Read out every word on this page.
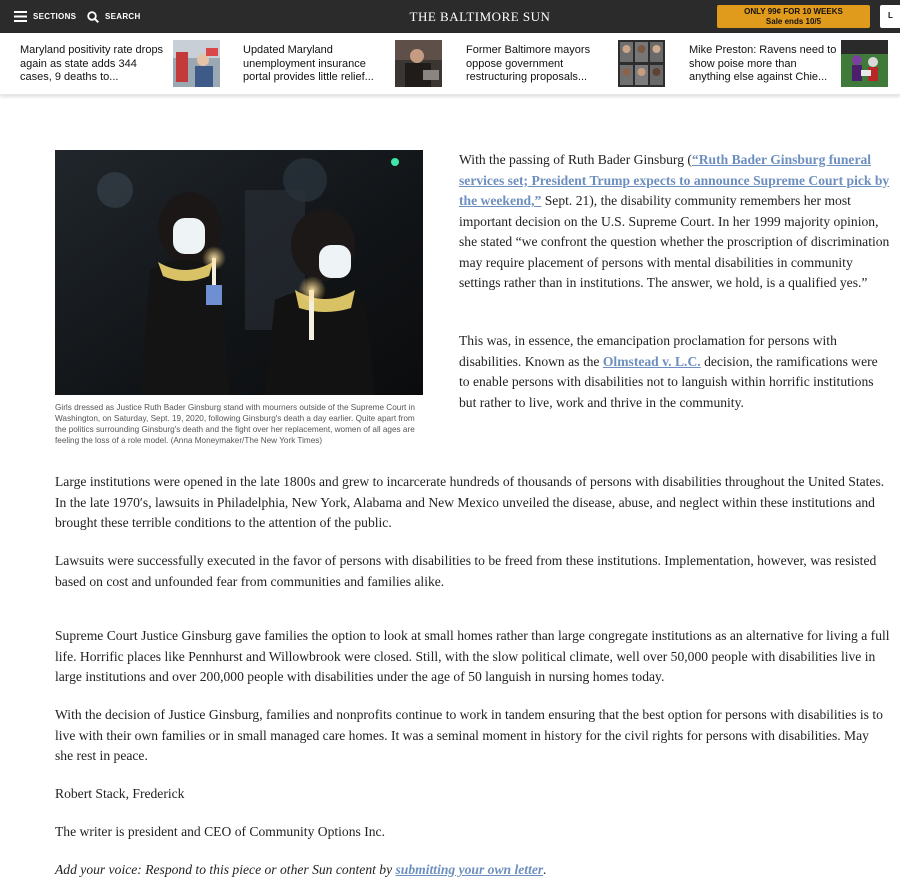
SECTIONS	SEARCH	THE BALTIMORE SUN	ONLY 99¢ FOR 10 WEEKS
Sale ends 10/5
L
Maryland positivity rate drops again as state adds 344 cases, 9 deaths to...
Updated Maryland unemployment insurance portal provides little relief...
Former Baltimore mayors oppose government restructuring proposals...
Mike Preston: Ravens need to show poise more than anything else against Chie...
Girls dressed as Justice Ruth Bader Ginsburg stand with mourners outside of the Supreme Court in Washington, on Saturday, Sept. 19, 2020, following Ginsburg's death a day earlier. Quite apart from the politics surrounding Ginsburg's death and the fight over her replacement, women of all ages are feeling the loss of a role model. (Anna Moneymaker/The New York Times)

With the passing of Ruth Bader Ginsburg (“Ruth Bader Ginsburg funeral services set; President Trump expects to announce Supreme Court pick by the weekend,” Sept. 21), the disability community remembers her most important decision on the U.S. Supreme Court. In her 1999 majority opinion, she stated “we confront the question whether the proscription of discrimination may require placement of persons with mental disabilities in community settings rather than in institutions. The answer, we hold, is a qualified yes.”

This was, in essence, the emancipation proclamation for persons with disabilities. Known as the Olmstead v. L.C. decision, the ramifications were to enable persons with disabilities not to languish within horrific institutions but rather to live, work and thrive in the community.

Large institutions were opened in the late 1800s and grew to incarcerate hundreds of thousands of persons with disabilities throughout the United States. In the late 1970′s, lawsuits in Philadelphia, New York, Alabama and New Mexico unveiled the disease, abuse, and neglect within these institutions and brought these terrible conditions to the attention of the public.

Lawsuits were successfully executed in the favor of persons with disabilities to be freed from these institutions. Implementation, however, was resisted based on cost and unfounded fear from communities and families alike.

Supreme Court Justice Ginsburg gave families the option to look at small homes rather than large congregate institutions as an alternative for living a full life. Horrific places like Pennhurst and Willowbrook were closed. Still, with the slow political climate, well over 50,000 people with disabilities live in large institutions and over 200,000 people with disabilities under the age of 50 languish in nursing homes today.

With the decision of Justice Ginsburg, families and nonprofits continue to work in tandem ensuring that the best option for persons with disabilities is to live with their own families or in small managed care homes. It was a seminal moment in history for the civil rights for persons with disabilities. May she rest in peace.

Robert Stack, Frederick

The writer is president and CEO of Community Options Inc.

Add your voice: Respond to this piece or other Sun content by submitting your own letter.
